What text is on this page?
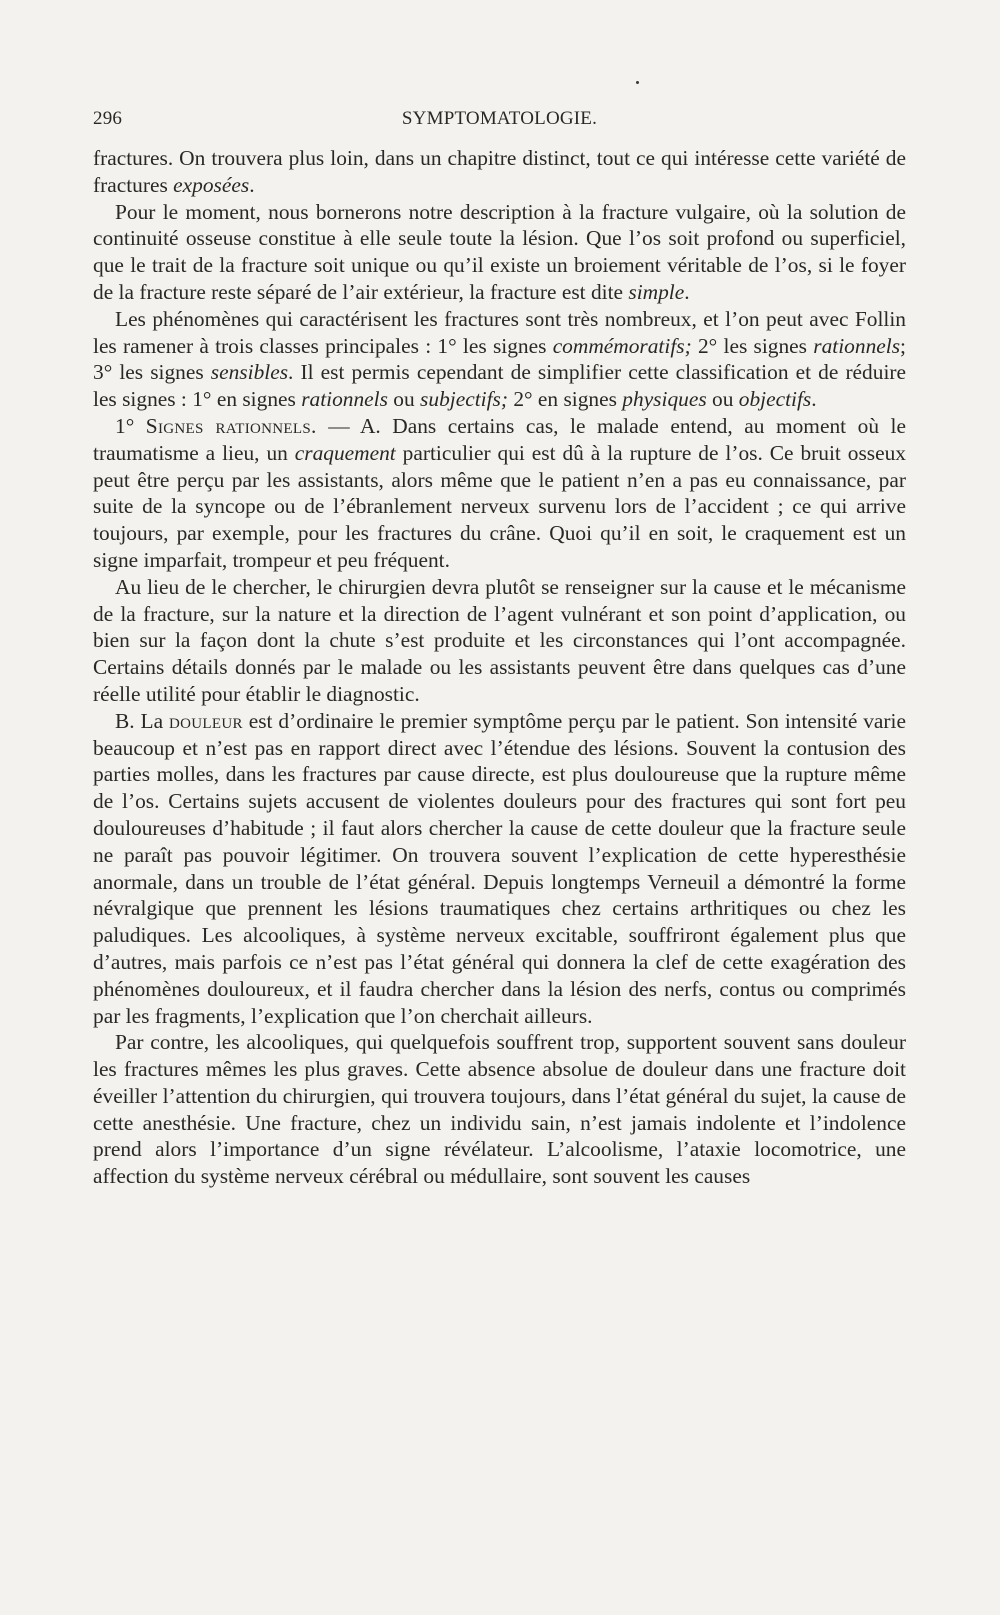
296	SYMPTOMATOLOGIE.

fractures. On trouvera plus loin, dans un chapitre distinct, tout ce qui intéresse cette variété de fractures exposées.

Pour le moment, nous bornerons notre description à la fracture vulgaire, où la solution de continuité osseuse constitue à elle seule toute la lésion. Que l’os soit profond ou superficiel, que le trait de la fracture soit unique ou qu’il existe un broiement véritable de l’os, si le foyer de la fracture reste séparé de l’air extérieur, la fracture est dite simple.

Les phénomènes qui caractérisent les fractures sont très nombreux, et l’on peut avec Follin les ramener à trois classes principales : 1° les signes commémoratifs; 2° les signes rationnels; 3° les signes sensibles. Il est permis cependant de simplifier cette classification et de réduire les signes : 1° en signes rationnels ou subjectifs; 2° en signes physiques ou objectifs.

1° Signes rationnels. — A. Dans certains cas, le malade entend, au moment où le traumatisme a lieu, un craquement particulier qui est dû à la rupture de l’os. Ce bruit osseux peut être perçu par les assistants, alors même que le patient n’en a pas eu connaissance, par suite de la syncope ou de l’ébranlement nerveux survenu lors de l’accident ; ce qui arrive toujours, par exemple, pour les fractures du crâne. Quoi qu’il en soit, le craquement est un signe imparfait, trompeur et peu fréquent.

Au lieu de le chercher, le chirurgien devra plutôt se renseigner sur la cause et le mécanisme de la fracture, sur la nature et la direction de l’agent vulnérant et son point d’application, ou bien sur la façon dont la chute s’est produite et les circonstances qui l’ont accompagnée. Certains détails donnés par le malade ou les assistants peuvent être dans quelques cas d’une réelle utilité pour établir le diagnostic.

B. La douleur est d’ordinaire le premier symptôme perçu par le patient. Son intensité varie beaucoup et n’est pas en rapport direct avec l’étendue des lésions. Souvent la contusion des parties molles, dans les fractures par cause directe, est plus douloureuse que la rupture même de l’os. Certains sujets accusent de violentes douleurs pour des fractures qui sont fort peu douloureuses d’habitude ; il faut alors chercher la cause de cette douleur que la fracture seule ne paraît pas pouvoir légitimer. On trouvera souvent l’explication de cette hyperesthésie anormale, dans un trouble de l’état général. Depuis longtemps Verneuil a démontré la forme névralgique que prennent les lésions traumatiques chez certains arthritiques ou chez les paludiques. Les alcooliques, à système nerveux excitable, souffriront également plus que d’autres, mais parfois ce n’est pas l’état général qui donnera la clef de cette exagération des phénomènes douloureux, et il faudra chercher dans la lésion des nerfs, contus ou comprimés par les fragments, l’explication que l’on cherchait ailleurs.

Par contre, les alcooliques, qui quelquefois souffrent trop, supportent souvent sans douleur les fractures mêmes les plus graves. Cette absence absolue de douleur dans une fracture doit éveiller l’attention du chirurgien, qui trouvera toujours, dans l’état général du sujet, la cause de cette anesthésie. Une fracture, chez un individu sain, n’est jamais indolente et l’indolence prend alors l’importance d’un signe révélateur. L’alcoolisme, l’ataxie locomotrice, une affection du système nerveux cérébral ou médullaire, sont souvent les causes
